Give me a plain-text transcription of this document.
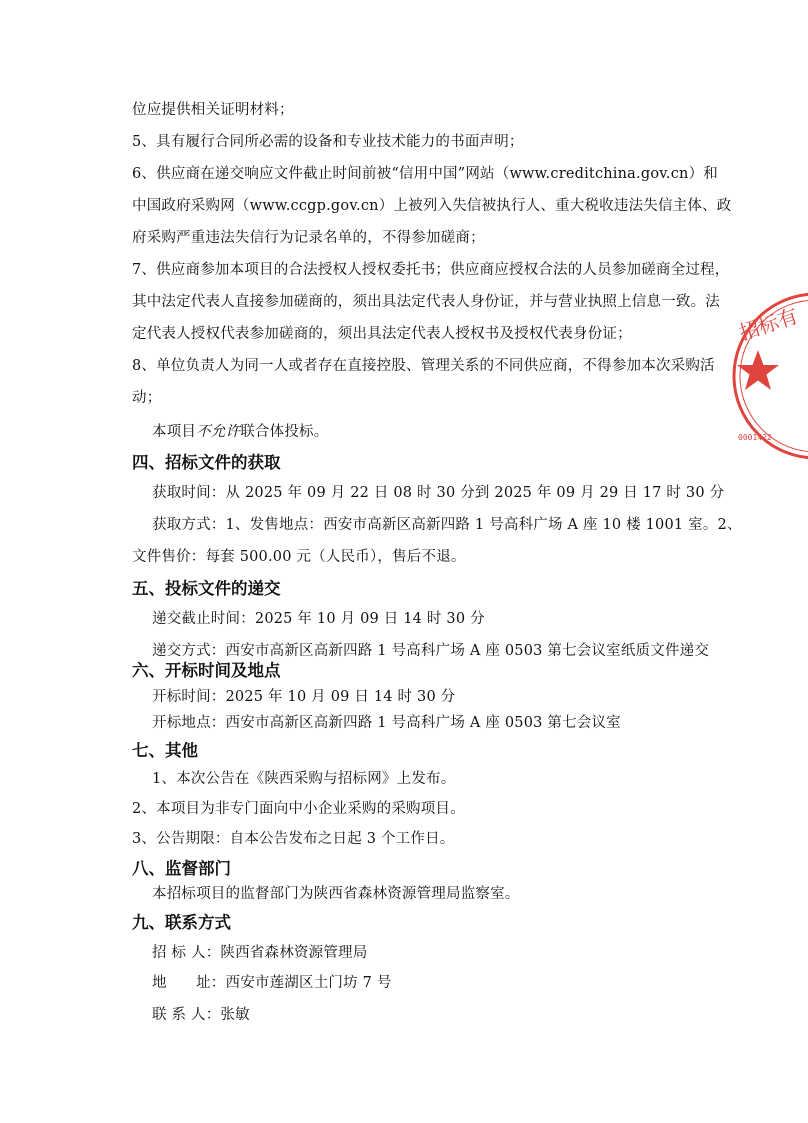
位应提供相关证明材料；
5、具有履行合同所必需的设备和专业技术能力的书面声明；
6、供应商在递交响应文件截止时间前被“信用中国”网站（www.creditchina.gov.cn）和
中国政府采购网（www.ccgp.gov.cn）上被列入失信被执行人、重大税收违法失信主体、政
府采购严重违法失信行为记录名单的，不得参加磋商；
7、供应商参加本项目的合法授权人授权委托书；供应商应授权合法的人员参加磋商全过程，
其中法定代表人直接参加磋商的，须出具法定代表人身份证，并与营业执照上信息一致。法
定代表人授权代表参加磋商的，须出具法定代表人授权书及授权代表身份证；
8、单位负责人为同一人或者存在直接控股、管理关系的不同供应商，不得参加本次采购活
动；
本项目不允许联合体投标。
四、招标文件的获取
获取时间：从 2025 年 09 月 22 日 08 时 30 分到 2025 年 09 月 29 日 17 时 30 分
获取方式：1、发售地点：西安市高新区高新四路 1 号高科广场 A 座 10 楼 1001 室。2、
文件售价：每套 500.00 元（人民币），售后不退。
五、投标文件的递交
递交截止时间：2025 年 10 月 09 日 14 时 30 分
递交方式：西安市高新区高新四路 1 号高科广场 A 座 0503 第七会议室纸质文件递交
六、开标时间及地点
开标时间：2025 年 10 月 09 日 14 时 30 分
开标地点：西安市高新区高新四路 1 号高科广场 A 座 0503 第七会议室
七、其他
1、本次公告在《陕西采购与招标网》上发布。
2、本项目为非专门面向中小企业采购的采购项目。
3、公告期限：自本公告发布之日起 3 个工作日。
八、监督部门
本招标项目的监督部门为陕西省森林资源管理局监察室。
九、联系方式
招 标 人：陕西省森林资源管理局
地　　址：西安市莲湖区土门坊 7 号
联 系 人：张敏
招标有
0001422
